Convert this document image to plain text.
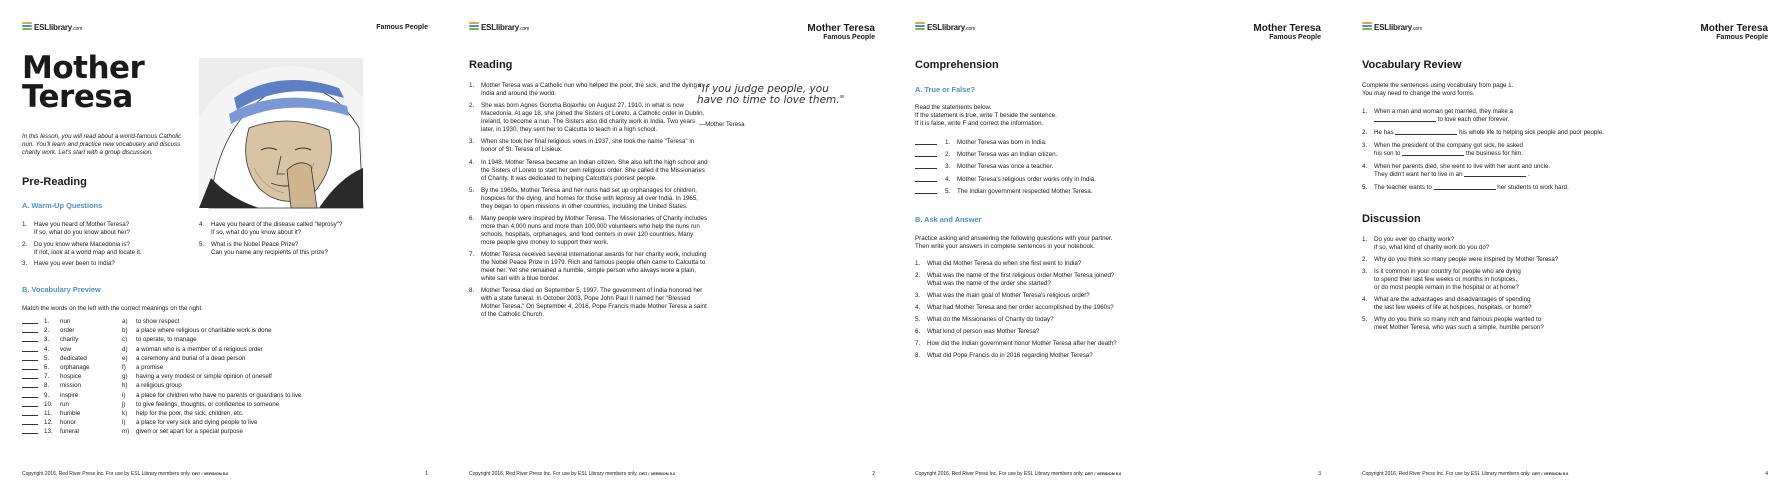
ESLlibrary.com	Famous People
Mother
Teresa
In this lesson, you will read about a world-famous Catholic nun. You'll learn and practice new vocabulary and discuss charity work. Let's start with a group discussion.
Pre-Reading
A. Warm-Up Questions
1. Have you heard of Mother Teresa?
If so, what do you know about her?
2. Do you know where Macedonia is?
If not, look at a world map and locate it.
3. Have you ever been to India?
4. Have you heard of the disease called "leprosy"?
If so, what do you know about it?
5. What is the Nobel Peace Prize?
Can you name any recipients of this prize?
B. Vocabulary Preview
Match the words on the left with the correct meanings on the right.
1. nun	a) to show respect
2. order	b) a place where religious or charitable work is done
3. charity	c) to operate, to manage
4. vow	d) a woman who is a member of a religious order
5. dedicated	e) a ceremony and burial of a dead person
6. orphanage	f) a promise
7. hospice	g) having a very modest or simple opinion of oneself
8. mission	h) a religious group
9. inspire	i) a place for children who have no parents or guardians to live
10. run	j) to give feelings, thoughts, or confidence to someone
11. humble	k) help for the poor, the sick, children, etc.
12. honor	l) a place for very sick and dying people to live
13. funeral	m) given or set apart for a special purpose
Copyright 2016, Red River Press Inc. For use by ESL Library members only. DRT / VERSION 5.6	1
ESLlibrary.com	Mother Teresa
Famous People
Reading
1. Mother Teresa was a Catholic nun who helped the poor, the sick, and the dying in India and around the world.
2. She was born Agnes Gonxha Bojaxhiu on August 27, 1910, in what is now Macedonia. At age 18, she joined the Sisters of Loreto, a Catholic order in Dublin, Ireland, to become a nun. The Sisters also did charity work in India. Two years later, in 1930, they sent her to Calcutta to teach in a high school.
3. When she took her final religious vows in 1937, she took the name "Teresa" in honor of St. Teresa of Lisieux.
4. In 1948, Mother Teresa became an Indian citizen. She also left the high school and the Sisters of Loreto to start her own religious order. She called it the Missionaries of Charity. It was dedicated to helping Calcutta's poorest people.
5. By the 1960s, Mother Teresa and her nuns had set up orphanages for children, hospices for the dying, and homes for those with leprosy all over India. In 1965, they began to open missions in other countries, including the United States.
6. Many people were inspired by Mother Teresa. The Missionaries of Charity includes more than 4,000 nuns and more than 100,000 volunteers who help the nuns run schools, hospitals, orphanages, and food centers in over 120 countries. Many more people give money to support their work.
7. Mother Teresa received several international awards for her charity work, including the Nobel Peace Prize in 1979. Rich and famous people often came to Calcutta to meet her. Yet she remained a humble, simple person who always wore a plain, white sari with a blue border.
8. Mother Teresa died on September 5, 1997. The government of India honored her with a state funeral. In October 2003, Pope John Paul II named her "Blessed Mother Teresa." On September 4, 2016, Pope Francis made Mother Teresa a saint of the Catholic Church.
"If you judge people, you have no time to love them."
—Mother Teresa
Copyright 2016, Red River Press Inc. For use by ESL Library members only. DRT / VERSION 5.6	2
ESLlibrary.com	Mother Teresa
Famous People
Comprehension
A. True or False?
Read the statements below.
If the statement is true, write T beside the sentence.
If it is false, write F and correct the information.
1. Mother Teresa was born in India.
2. Mother Teresa was an Indian citizen.
3. Mother Teresa was once a teacher.
4. Mother Teresa's religious order works only in India.
5. The Indian government respected Mother Teresa.
B. Ask and Answer
Practice asking and answering the following questions with your partner.
Then write your answers in complete sentences in your notebook.
1. What did Mother Teresa do when she first went to India?
2. What was the name of the first religious order Mother Teresa joined?
What was the name of the order she started?
3. What was the main goal of Mother Teresa's religious order?
4. What had Mother Teresa and her order accomplished by the 1960s?
5. What do the Missionaries of Charity do today?
6. What kind of person was Mother Teresa?
7. How did the Indian government honor Mother Teresa after her death?
8. What did Pope Francis do in 2016 regarding Mother Teresa?
Copyright 2016, Red River Press Inc. For use by ESL Library members only. DRT / VERSION 5.6	3
ESLlibrary.com	Mother Teresa
Famous People
Vocabulary Review
Complete the sentences using vocabulary from page 1.
You may need to change the word forms.
1. When a man and woman get married, they make a
to love each other forever.
2. He has	his whole life to helping sick people and poor people.
3. When the president of the company got sick, he asked
his son to	the business for him.
4. When her parents died, she went to live with her aunt and uncle.
They didn't want her to live in an	.
5. The teacher wants to	her students to work hard.
Discussion
1. Do you ever do charity work?
If so, what kind of charity work do you do?
2. Why do you think so many people were inspired by Mother Teresa?
3. Is it common in your country for people who are dying
to spend their last few weeks or months in hospices,
or do most people remain in the hospital or at home?
4. What are the advantages and disadvantages of spending
the last few weeks of life at hospices, hospitals, or home?
5. Why do you think so many rich and famous people wanted to
meet Mother Teresa, who was such a simple, humble person?
Copyright 2016, Red River Press Inc. For use by ESL Library members only. DRT / VERSION 5.6	4
